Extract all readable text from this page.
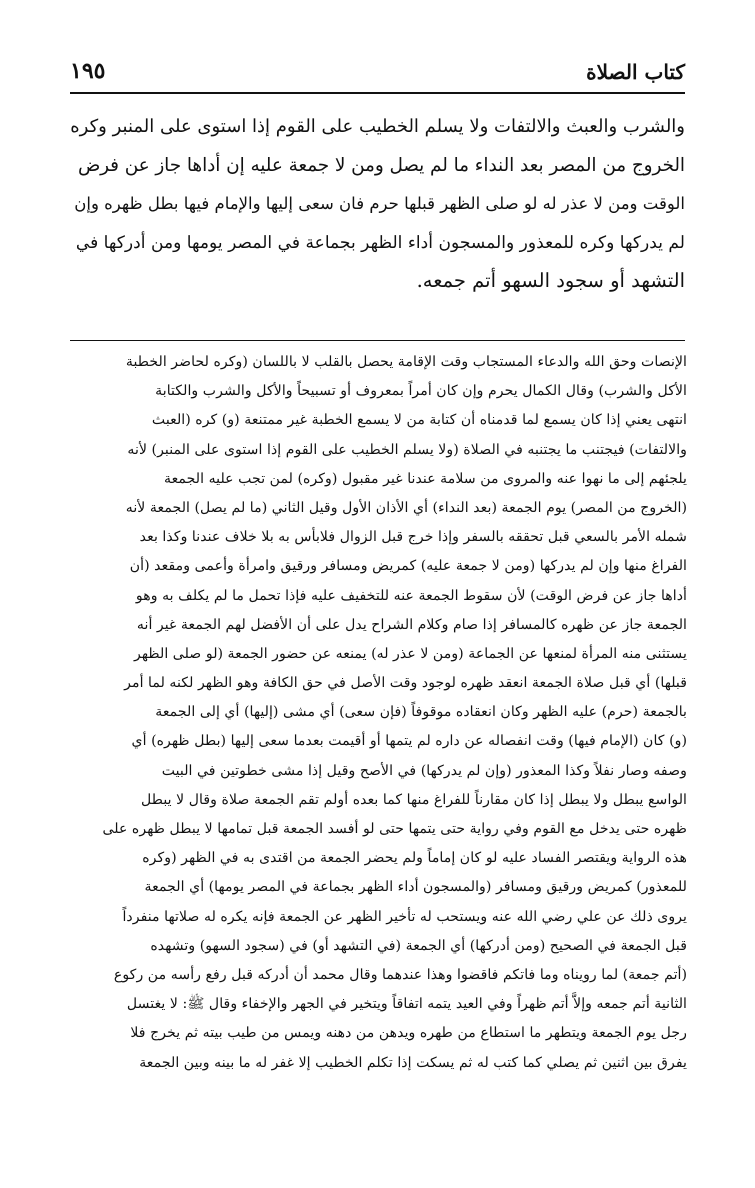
كتاب الصلاة
١٩٥
والشرب والعبث والالتفات ولا يسلم الخطيب على القوم إذا استوى على المنبر وكره
الخروج من المصر بعد النداء ما لم يصل ومن لا جمعة عليه إن أداها جاز عن فرض
الوقت ومن لا عذر له لو صلى الظهر قبلها حرم فان سعى إليها والإمام فيها بطل ظهره وإن
لم يدركها وكره للمعذور والمسجون أداء الظهر بجماعة في المصر يومها ومن أدركها في
التشهد أو سجود السهو أتم جمعه.
الإنصات وحق الله والدعاء المستجاب وقت الإقامة يحصل بالقلب لا باللسان (وكره لحاضر الخطبة
الأكل والشرب) وقال الكمال يحرم وإن كان أمراً بمعروف أو تسبيحاً والأكل والشرب والكتابة
انتهى يعني إذا كان يسمع لما قدمناه أن كتابة من لا يسمع الخطبة غير ممتنعة (و) كره (العبث
والالتفات) فيجتنب ما يجتنبه في الصلاة (ولا يسلم الخطيب على القوم إذا استوى على المنبر) لأنه
يلجئهم إلى ما نهوا عنه والمروى من سلامة عندنا غير مقبول (وكره) لمن تجب عليه الجمعة
(الخروج من المصر) يوم الجمعة (بعد النداء) أي الأذان الأول وقيل الثاني (ما لم يصل) الجمعة لأنه
شمله الأمر بالسعي قبل تحققه بالسفر وإذا خرج قبل الزوال فلابأس به بلا خلاف عندنا وكذا بعد
الفراغ منها وإن لم يدركها (ومن لا جمعة عليه) كمريض ومسافر ورقيق وامرأة وأعمى ومقعد (أن
أداها جاز عن فرض الوقت) لأن سقوط الجمعة عنه للتخفيف عليه فإذا تحمل ما لم يكلف به وهو
الجمعة جاز عن ظهره كالمسافر إذا صام وكلام الشراح يدل على أن الأفضل لهم الجمعة غير أنه
يستثنى منه المرأة لمنعها عن الجماعة (ومن لا عذر له) يمنعه عن حضور الجمعة (لو صلى الظهر
قبلها) أي قبل صلاة الجمعة انعقد ظهره لوجود وقت الأصل في حق الكافة وهو الظهر لكنه لما أمر
بالجمعة (حرم) عليه الظهر وكان انعقاده موقوفاً (فإن سعى) أي مشى (إليها) أي إلى الجمعة
(و) كان (الإمام فيها) وقت انفصاله عن داره لم يتمها أو أقيمت بعدما سعى إليها (بطل ظهره) أي
وصفه وصار نفلاً وكذا المعذور (وإن لم يدركها) في الأصح وقيل إذا مشى خطوتين في البيت
الواسع يبطل ولا يبطل إذا كان مقارناً للفراغ منها كما بعده أولم تقم الجمعة صلاة وقال لا يبطل
ظهره حتى يدخل مع القوم وفي رواية حتى يتمها حتى لو أفسد الجمعة قبل تمامها لا يبطل ظهره على
هذه الرواية ويقتصر الفساد عليه لو كان إماماً ولم يحضر الجمعة من اقتدى به في الظهر (وكره
للمعذور) كمريض ورقيق ومسافر (والمسجون أداء الظهر بجماعة في المصر يومها) أي الجمعة
يروى ذلك عن علي رضي الله عنه ويستحب له تأخير الظهر عن الجمعة فإنه يكره له صلاتها منفرداً
قبل الجمعة في الصحيح (ومن أدركها) أي الجمعة (في التشهد أو) في (سجود السهو) وتشهده
(أتم جمعة) لما رويناه وما فاتكم فاقضوا وهذا عندهما وقال محمد أن أدركه قبل رفع رأسه من ركوع
الثانية أتم جمعه وإلاَّ أتم ظهراً وفي العيد يتمه اتفاقاً ويتخير في الجهر والإخفاء وقال ﷺ: لا يغتسل
رجل يوم الجمعة ويتطهر ما استطاع من طهره ويدهن من دهنه ويمس من طيب بيته ثم يخرج فلا
يفرق بين اثنين ثم يصلي كما كتب له ثم يسكت إذا تكلم الخطيب إلا غفر له ما بينه وبين الجمعة
